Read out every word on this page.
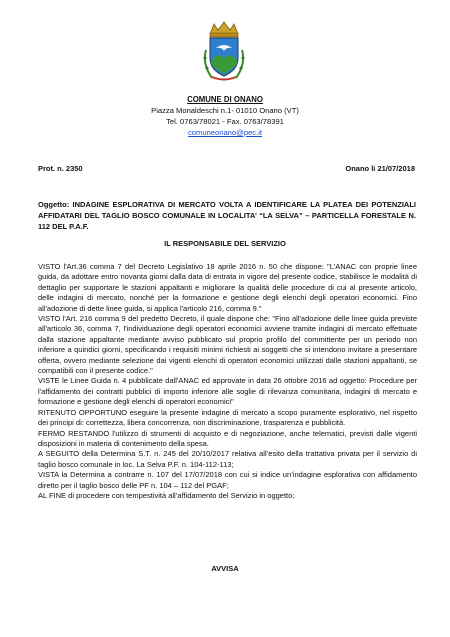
COMUNE DI ONANO
Piazza Monaldeschi n.1- 01010 Onano (VT)
Tel. 0763/78021 - Fax. 0763/78391
comuneonano@pec.it
Prot. n. 2350	Onano li 21/07/2018
Oggetto: INDAGINE ESPLORATIVA DI MERCATO VOLTA A IDENTIFICARE LA PLATEA DEI POTENZIALI AFFIDATARI DEL TAGLIO BOSCO COMUNALE IN LOCALITA’ “LA SELVA” – PARTICELLA FORESTALE N. 112 DEL P.A.F.
IL RESPONSABILE DEL SERVIZIO

VISTO l'Art.36 comma 7 del Decreto Legislativo 18 aprile 2016 n. 50 che dispone: "L'ANAC con proprie linee guida, da adottare entro novanta giorni dalla data di entrata in vigore del presente codice, stabilisce le modalità di dettaglio per supportare le stazioni appaltanti e migliorare la qualità delle procedure di cui al presente articolo, delle indagini di mercato, nonché per la formazione e gestione degli elenchi degli operatori economici. Fino all'adozione di dette linee guida, si applica l'articolo 216, comma 9."

VISTO l'Art. 216 comma 9 del predetto Decreto, il quale dispone che: "Fino all'adozione delle linee guida previste all'articolo 36, comma 7, l'individuazione degli operatori economici avviene tramite indagini di mercato effettuate dalla stazione appaltante mediante avviso pubblicato sul proprio profilo del committente per un periodo non inferiore a quindici giorni, specificando i requisiti minimi richiesti ai soggetti che si intendono invitare a presentare offerta, ovvero mediante selezione dai vigenti elenchi di operatori economici utilizzati dalle stazioni appaltanti, se compatibili con il presente codice."

VISTE le Linee Guida n. 4 pubblicate dall'ANAC ed approvate in data 26 ottobre 2016 ad oggetto: Procedure per l'affidamento dei contratti pubblici di importo inferiore alle soglie di rilevanza comunitaria, indagini di mercato e formazione e gestione degli elenchi di operatori economici"

RITENUTO OPPORTUNO eseguire la presente indagine di mercato a scopo puramente esplorativo, nel rispetto dei principi di: correttezza, libera concorrenza, non discriminazione, trasparenza e pubblicità.

FERMO RESTANDO l'utilizzo di strumenti di acquisto e di negoziazione, anche telematici, previsti dalle vigenti disposizioni in materia di contenimento della spesa.

A SEGUITO della Determina S.T. n. 245 del 20/10/2017 relativa all’esito della trattativa privata per il servizio di taglio bosco comunale in loc. La Selva P.F. n. 104-112-113;

VISTA la Determina a contrarre n. 107 del 17/07/2018 con cui si indice un’indagine esplorativa con affidamento diretto per il taglio bosco delle PF n. 104 – 112 del PGAF;

AL FINE di procedere con tempestività all’affidamento del Servizio in oggetto;

AVVISA
